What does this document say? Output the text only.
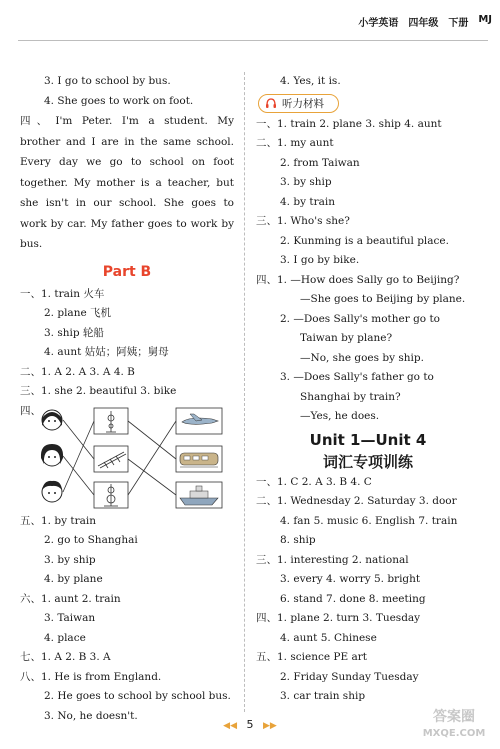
小学英语 四年级 下册 MJ
3. I go to school by bus.
4. She goes to work on foot.
四、 I'm Peter. I'm a student. My brother and I are in the same school. Every day we go to school on foot together. My mother is a teacher, but she isn't in our school. She goes to work by car. My father goes to work by bus.
Part B
一、1. train 火车
2. plane 飞机
3. ship 轮船
4. aunt 姑姑；阿姨；舅母
二、1. A 2. A 3. A 4. B
三、1. she 2. beautiful 3. bike
四、
五、1. by train
2. go to Shanghai
3. by ship
4. by plane
六、1. aunt 2. train
3. Taiwan
4. place
七、1. A 2. B 3. A
八、1. He is from England.
2. He goes to school by school bus.
3. No, he doesn't.
4. Yes, it is.
听力材料
一、1. train 2. plane 3. ship 4. aunt
二、1. my aunt
2. from Taiwan
3. by ship
4. by train
三、1. Who's she?
2. Kunming is a beautiful place.
3. I go by bike.
四、1. —How does Sally go to Beijing?
—She goes to Beijing by plane.
2. —Does Sally's mother go to
Taiwan by plane?
—No, she goes by ship.
3. —Does Sally's father go to
Shanghai by train?
—Yes, he does.
Unit 1—Unit 4
词汇专项训练
一、1. C 2. A 3. B 4. C
二、1. Wednesday 2. Saturday 3. door
4. fan 5. music 6. English 7. train
8. ship
三、1. interesting 2. national
3. every 4. worry 5. bright
6. stand 7. done 8. meeting
四、1. plane 2. turn 3. Tuesday
4. aunt 5. Chinese
五、1. science PE art
2. Friday Sunday Tuesday
3. car train ship
◀◀ 5 ▶▶
答案圈
MXQE.COM
